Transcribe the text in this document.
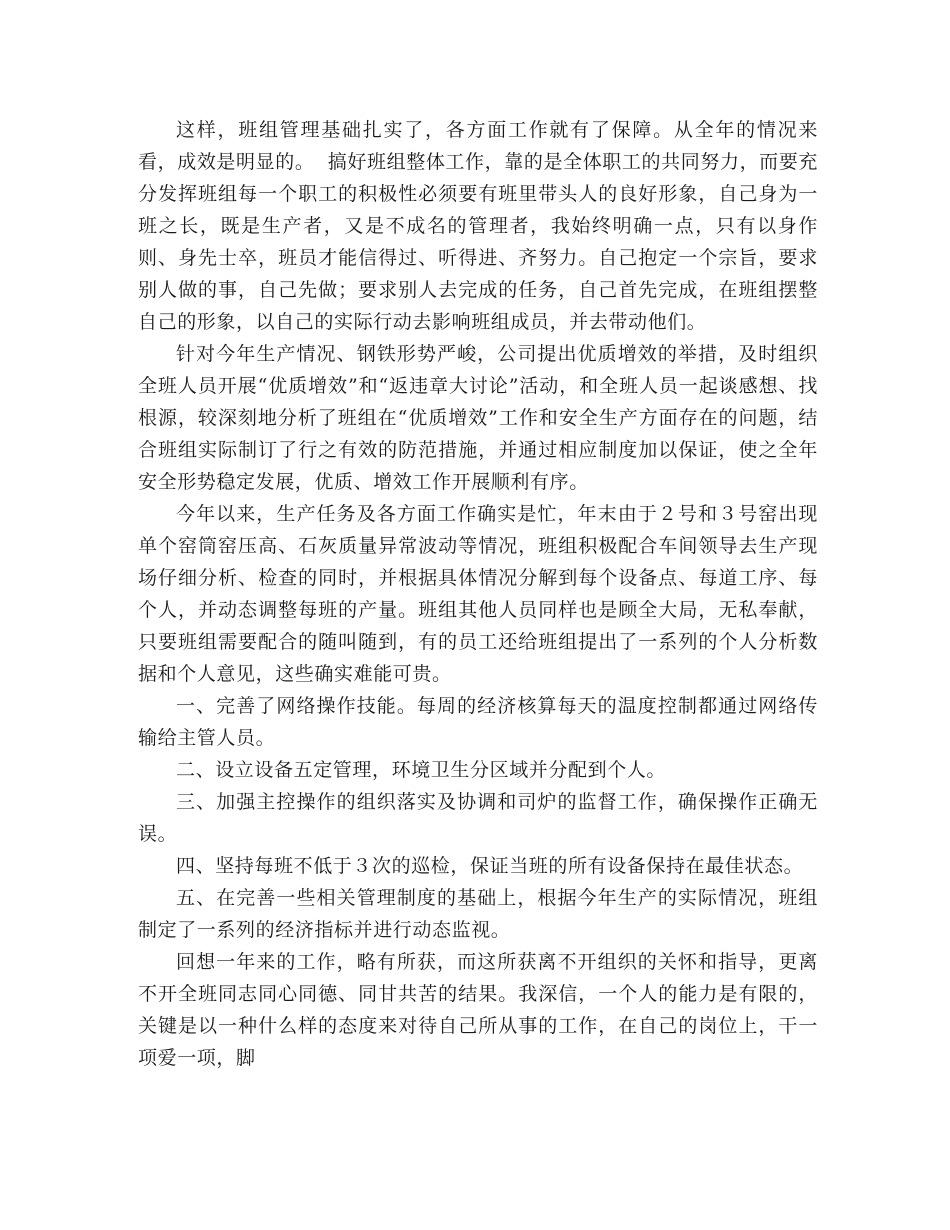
这样，班组管理基础扎实了，各方面工作就有了保障。从全年的情况来看，成效是明显的。  搞好班组整体工作，靠的是全体职工的共同努力，而要充分发挥班组每一个职工的积极性必须要有班里带头人的良好形象，自己身为一班之长，既是生产者，又是不成名的管理者，我始终明确一点，只有以身作则、身先士卒，班员才能信得过、听得进、齐努力。自己抱定一个宗旨，要求别人做的事，自己先做；要求别人去完成的任务，自己首先完成，在班组摆整自己的形象，以自己的实际行动去影响班组成员，并去带动他们。

针对今年生产情况、钢铁形势严峻，公司提出优质增效的举措，及时组织全班人员开展“优质增效”和“返违章大讨论”活动，和全班人员一起谈感想、找根源，较深刻地分析了班组在“优质增效”工作和安全生产方面存在的问题，结合班组实际制订了行之有效的防范措施，并通过相应制度加以保证，使之全年安全形势稳定发展，优质、增效工作开展顺利有序。

今年以来，生产任务及各方面工作确实是忙，年末由于２号和３号窑出现单个窑筒窑压高、石灰质量异常波动等情况，班组积极配合车间领导去生产现场仔细分析、检查的同时，并根据具体情况分解到每个设备点、每道工序、每个人，并动态调整每班的产量。班组其他人员同样也是顾全大局，无私奉献，只要班组需要配合的随叫随到，有的员工还给班组提出了一系列的个人分析数据和个人意见，这些确实难能可贵。

一、完善了网络操作技能。每周的经济核算每天的温度控制都通过网络传输给主管人员。

二、设立设备五定管理，环境卫生分区域并分配到个人。

三、加强主控操作的组织落实及协调和司炉的监督工作，确保操作正确无误。

四、坚持每班不低于３次的巡检，保证当班的所有设备保持在最佳状态。

五、在完善一些相关管理制度的基础上，根据今年生产的实际情况，班组制定了一系列的经济指标并进行动态监视。

回想一年来的工作，略有所获，而这所获离不开组织的关怀和指导，更离不开全班同志同心同德、同甘共苦的结果。我深信，一个人的能力是有限的，关键是以一种什么样的态度来对待自己所从事的工作，在自己的岗位上，干一项爱一项，脚
